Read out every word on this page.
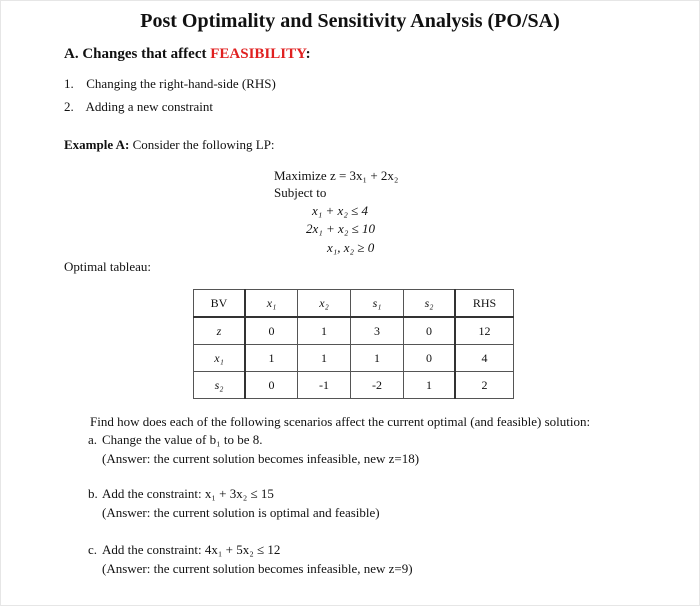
Post Optimality and Sensitivity Analysis (PO/SA)
A. Changes that affect FEASIBILITY:
1. Changing the right-hand-side (RHS)
2. Adding a new constraint
Example A: Consider the following LP:
Maximize z = 3x₁ + 2x₂
Subject to
x₁ + x₂ ≤ 4
2x₁ + x₂ ≤ 10
x₁, x₂ ≥ 0
Optimal tableau:
BV	x₁	x₂	s₁	s₂	RHS
z	0	1	3	0	12
x₁	1	1	1	0	4
s₂	0	-1	-2	1	2
Find how does each of the following scenarios affect the current optimal (and feasible) solution:
a. Change the value of b₁ to be 8.
(Answer: the current solution becomes infeasible, new z=18)
b. Add the constraint: x₁ + 3x₂ ≤ 15
(Answer: the current solution is optimal and feasible)
c. Add the constraint: 4x₁ + 5x₂ ≤ 12
(Answer: the current solution becomes infeasible, new z=9)
